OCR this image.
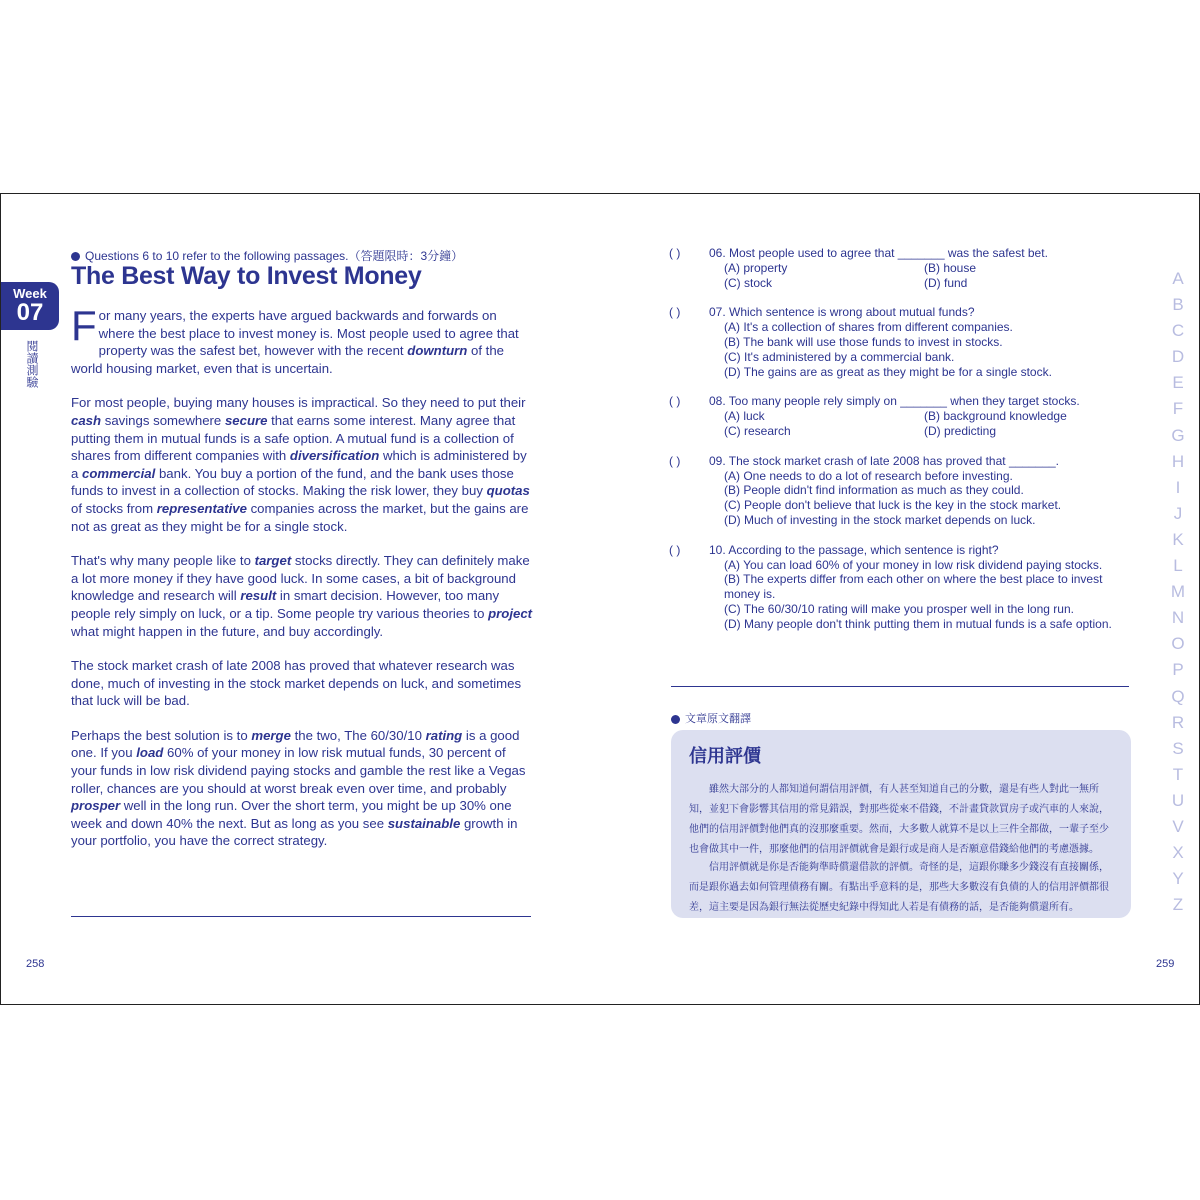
Week
07
閱讀測驗
Questions 6 to 10 refer to the following passages.（答題限時：3分鐘）
The Best Way to Invest Money

For many years, the experts have argued backwards and forwards on where the best place to invest money is. Most people used to agree that property was the safest bet, however with the recent downturn of the world housing market, even that is uncertain.

For most people, buying many houses is impractical. So they need to put their cash savings somewhere secure that earns some interest. Many agree that putting them in mutual funds is a safe option. A mutual fund is a collection of shares from different companies with diversification which is administered by a commercial bank. You buy a portion of the fund, and the bank uses those funds to invest in a collection of stocks. Making the risk lower, they buy quotas of stocks from representative companies across the market, but the gains are not as great as they might be for a single stock.

That's why many people like to target stocks directly. They can definitely make a lot more money if they have good luck. In some cases, a bit of background knowledge and research will result in smart decision. However, too many people rely simply on luck, or a tip. Some people try various theories to project what might happen in the future, and buy accordingly.

The stock market crash of late 2008 has proved that whatever research was done, much of investing in the stock market depends on luck, and sometimes that luck will be bad.

Perhaps the best solution is to merge the two, The 60/30/10 rating is a good one. If you load 60% of your money in low risk mutual funds, 30 percent of your funds in low risk dividend paying stocks and gamble the rest like a Vegas roller, chances are you should at worst break even over time, and probably prosper well in the long run. Over the short term, you might be up 30% one week and down 40% the next. But as long as you see sustainable growth in your portfolio, you have the correct strategy.

258
( )	06. Most people used to agree that _______ was the safest bet.
(A) property	(B) house
(C) stock	(D) fund
( )	07. Which sentence is wrong about mutual funds?
(A) It's a collection of shares from different companies.
(B) The bank will use those funds to invest in stocks.
(C) It's administered by a commercial bank.
(D) The gains are as great as they might be for a single stock.
( )	08. Too many people rely simply on _______ when they target stocks.
(A) luck	(B) background knowledge
(C) research	(D) predicting
( )	09. The stock market crash of late 2008 has proved that _______.
(A) One needs to do a lot of research before investing.
(B) People didn't find information as much as they could.
(C) People don't believe that luck is the key in the stock market.
(D) Much of investing in the stock market depends on luck.
( )	10. According to the passage, which sentence is right?
(A) You can load 60% of your money in low risk dividend paying stocks.
(B) The experts differ from each other on where the best place to invest money is.
(C) The 60/30/10 rating will make you prosper well in the long run.
(D) Many people don't think putting them in mutual funds is a safe option.
文章原文翻譯
信用評價
雖然大部分的人都知道何謂信用評價，有人甚至知道自己的分數，還是有些人對此一無所知，並犯下會影響其信用的常見錯誤，對那些從來不借錢，不計畫貸款買房子或汽車的人來說，他們的信用評價對他們真的沒那麼重要。然而，大多數人就算不是以上三件全都做，一輩子至少也會做其中一件，那麼他們的信用評價就會是銀行或是商人是否願意借錢給他們的考慮憑據。
信用評價就是你是否能夠準時償還借款的評價。奇怪的是，這跟你賺多少錢沒有直接關係，而是跟你過去如何管理債務有關。有點出乎意料的是，那些大多數沒有負債的人的信用評價都很差，這主要是因為銀行無法從歷史紀錄中得知此人若是有債務的話，是否能夠償還所有。
A
B
C
D
E
F
G
H
I
J
K
L
M
N
O
P
Q
R
S
T
U
V
X
Y
Z
259
